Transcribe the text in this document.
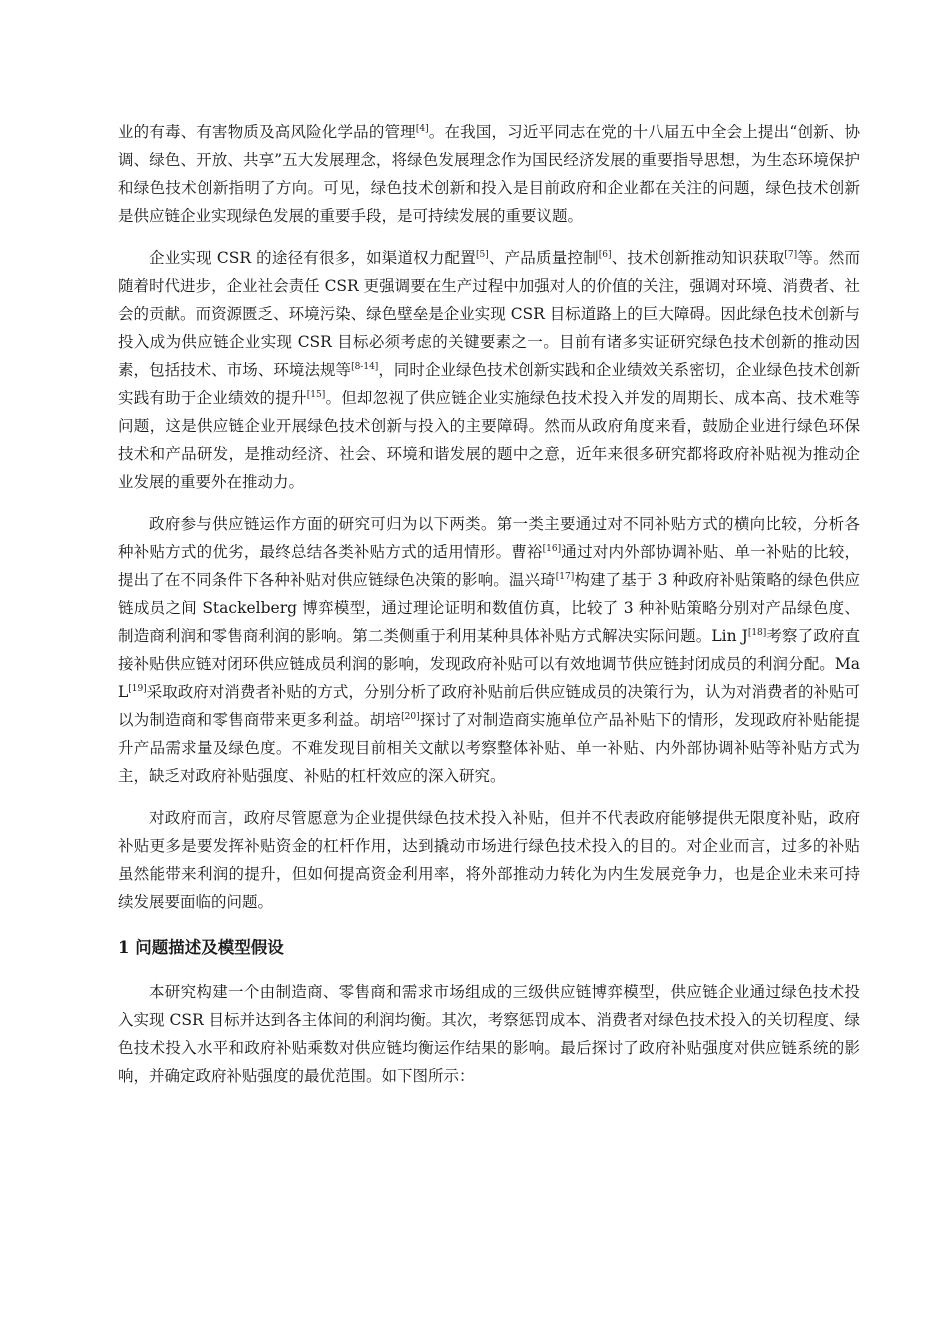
业的有毒、有害物质及高风险化学品的管理[4]。在我国，习近平同志在党的十八届五中全会上提出“创新、协调、绿色、开放、共享”五大发展理念，将绿色发展理念作为国民经济发展的重要指导思想，为生态环境保护和绿色技术创新指明了方向。可见，绿色技术创新和投入是目前政府和企业都在关注的问题，绿色技术创新是供应链企业实现绿色发展的重要手段，是可持续发展的重要议题。

企业实现 CSR 的途径有很多，如渠道权力配置[5]、产品质量控制[6]、技术创新推动知识获取[7]等。然而随着时代进步，企业社会责任 CSR 更强调要在生产过程中加强对人的价值的关注，强调对环境、消费者、社会的贡献。而资源匮乏、环境污染、绿色壁垒是企业实现 CSR 目标道路上的巨大障碍。因此绿色技术创新与投入成为供应链企业实现 CSR 目标必须考虑的关键要素之一。目前有诸多实证研究绿色技术创新的推动因素，包括技术、市场、环境法规等[8-14]，同时企业绿色技术创新实践和企业绩效关系密切，企业绿色技术创新实践有助于企业绩效的提升[15]。但却忽视了供应链企业实施绿色技术投入并发的周期长、成本高、技术难等问题，这是供应链企业开展绿色技术创新与投入的主要障碍。然而从政府角度来看，鼓励企业进行绿色环保技术和产品研发，是推动经济、社会、环境和谐发展的题中之意，近年来很多研究都将政府补贴视为推动企业发展的重要外在推动力。

政府参与供应链运作方面的研究可归为以下两类。第一类主要通过对不同补贴方式的横向比较，分析各种补贴方式的优劣，最终总结各类补贴方式的适用情形。曹裕[16]通过对内外部协调补贴、单一补贴的比较，提出了在不同条件下各种补贴对供应链绿色决策的影响。温兴琦[17]构建了基于 3 种政府补贴策略的绿色供应链成员之间 Stackelberg 博弈模型，通过理论证明和数值仿真，比较了 3 种补贴策略分别对产品绿色度、制造商利润和零售商利润的影响。第二类侧重于利用某种具体补贴方式解决实际问题。Lin J[18]考察了政府直接补贴供应链对闭环供应链成员利润的影响，发现政府补贴可以有效地调节供应链封闭成员的利润分配。Ma L[19]采取政府对消费者补贴的方式，分别分析了政府补贴前后供应链成员的决策行为，认为对消费者的补贴可以为制造商和零售商带来更多利益。胡培[20]探讨了对制造商实施单位产品补贴下的情形，发现政府补贴能提升产品需求量及绿色度。不难发现目前相关文献以考察整体补贴、单一补贴、内外部协调补贴等补贴方式为主，缺乏对政府补贴强度、补贴的杠杆效应的深入研究。

对政府而言，政府尽管愿意为企业提供绿色技术投入补贴，但并不代表政府能够提供无限度补贴，政府补贴更多是要发挥补贴资金的杠杆作用，达到撬动市场进行绿色技术投入的目的。对企业而言，过多的补贴虽然能带来利润的提升，但如何提高资金利用率，将外部推动力转化为内生发展竞争力，也是企业未来可持续发展要面临的问题。

1 问题描述及模型假设

本研究构建一个由制造商、零售商和需求市场组成的三级供应链博弈模型，供应链企业通过绿色技术投入实现 CSR 目标并达到各主体间的利润均衡。其次，考察惩罚成本、消费者对绿色技术投入的关切程度、绿色技术投入水平和政府补贴乘数对供应链均衡运作结果的影响。最后探讨了政府补贴强度对供应链系统的影响，并确定政府补贴强度的最优范围。如下图所示：
